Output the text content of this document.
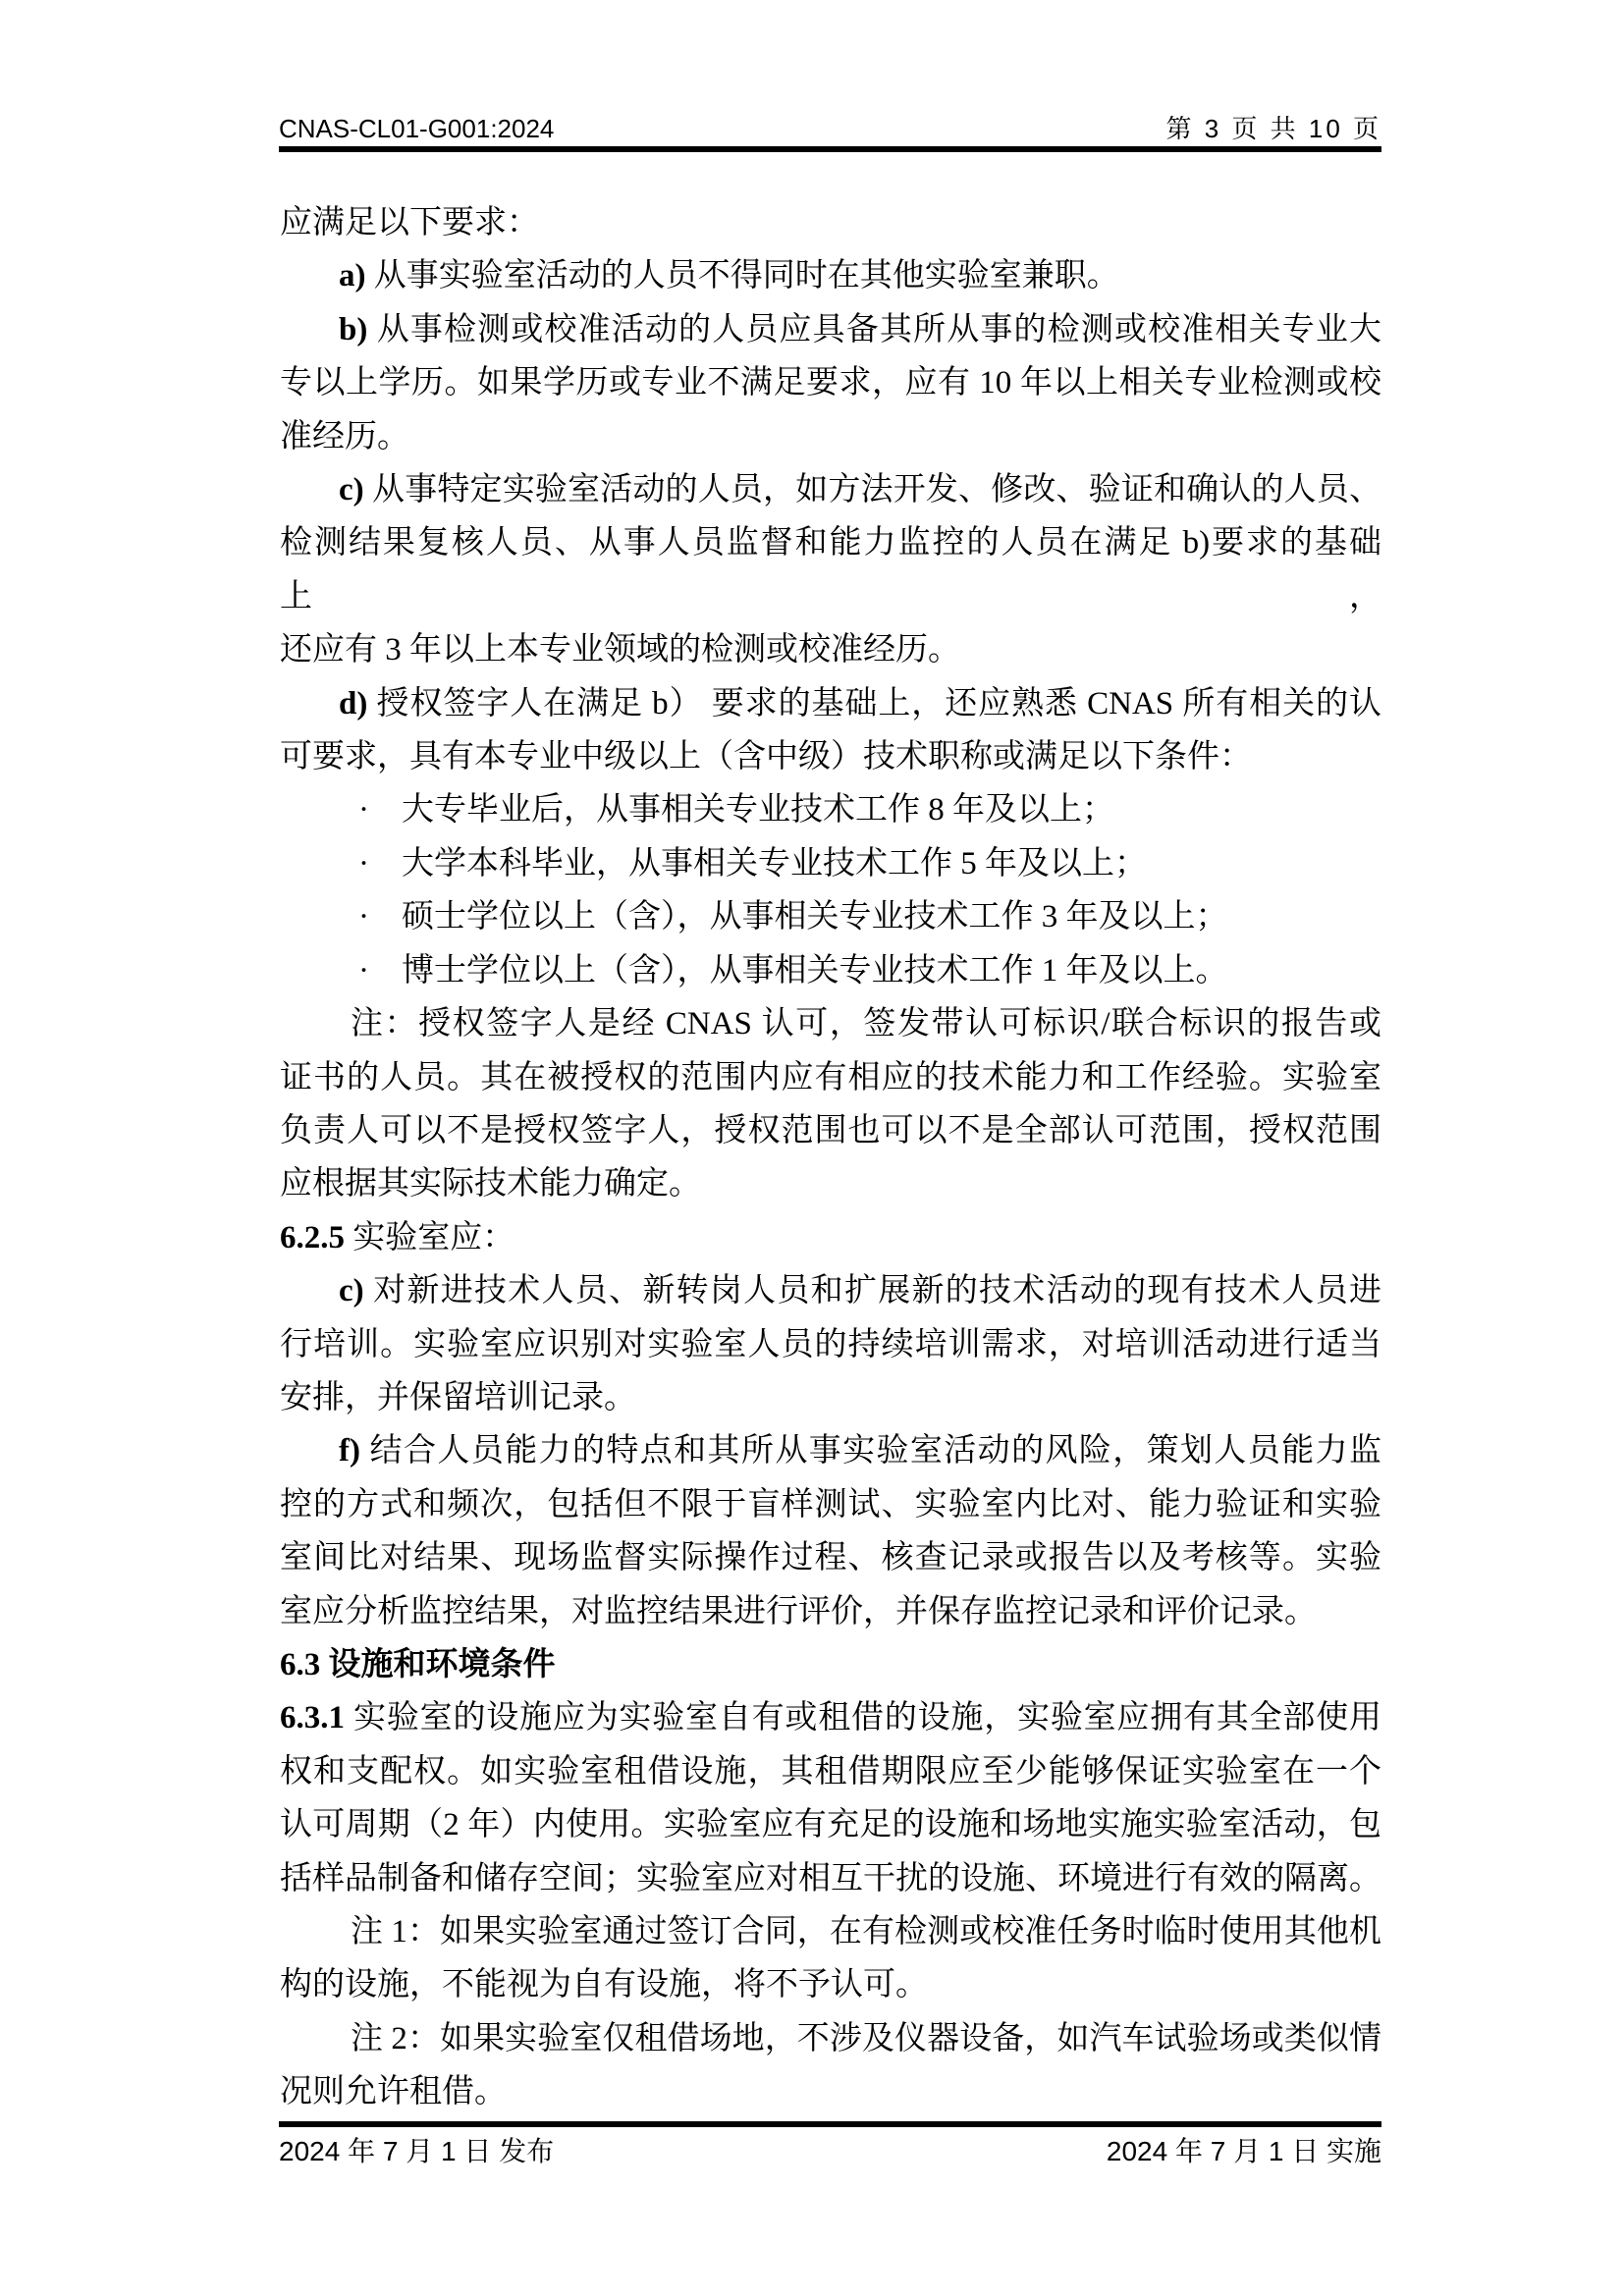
CNAS-CL01-G001:2024	第 3 页 共 10 页
应满足以下要求：
a) 从事实验室活动的人员不得同时在其他实验室兼职。
b) 从事检测或校准活动的人员应具备其所从事的检测或校准相关专业大
专以上学历。如果学历或专业不满足要求，应有 10 年以上相关专业检测或校
准经历。
c) 从事特定实验室活动的人员，如方法开发、修改、验证和确认的人员、
检测结果复核人员、从事人员监督和能力监控的人员在满足 b)要求的基础上，
还应有 3 年以上本专业领域的检测或校准经历。
d) 授权签字人在满足 b） 要求的基础上，还应熟悉 CNAS 所有相关的认
可要求，具有本专业中级以上（含中级）技术职称或满足以下条件：
·　大专毕业后，从事相关专业技术工作 8 年及以上；
·　大学本科毕业，从事相关专业技术工作 5 年及以上；
·　硕士学位以上（含），从事相关专业技术工作 3 年及以上；
·　博士学位以上（含），从事相关专业技术工作 1 年及以上。
注：授权签字人是经 CNAS 认可，签发带认可标识/联合标识的报告或
证书的人员。其在被授权的范围内应有相应的技术能力和工作经验。实验室
负责人可以不是授权签字人，授权范围也可以不是全部认可范围，授权范围
应根据其实际技术能力确定。
6.2.5 实验室应：
c) 对新进技术人员、新转岗人员和扩展新的技术活动的现有技术人员进
行培训。实验室应识别对实验室人员的持续培训需求，对培训活动进行适当
安排，并保留培训记录。
f) 结合人员能力的特点和其所从事实验室活动的风险，策划人员能力监
控的方式和频次，包括但不限于盲样测试、实验室内比对、能力验证和实验
室间比对结果、现场监督实际操作过程、核查记录或报告以及考核等。实验
室应分析监控结果，对监控结果进行评价，并保存监控记录和评价记录。
6.3 设施和环境条件
6.3.1 实验室的设施应为实验室自有或租借的设施，实验室应拥有其全部使用
权和支配权。如实验室租借设施，其租借期限应至少能够保证实验室在一个
认可周期（2 年）内使用。实验室应有充足的设施和场地实施实验室活动，包
括样品制备和储存空间；实验室应对相互干扰的设施、环境进行有效的隔离。
注 1：如果实验室通过签订合同，在有检测或校准任务时临时使用其他机
构的设施，不能视为自有设施，将不予认可。
注 2：如果实验室仅租借场地，不涉及仪器设备，如汽车试验场或类似情
况则允许租借。
2024 年 7 月 1 日 发布	2024 年 7 月 1 日 实施
